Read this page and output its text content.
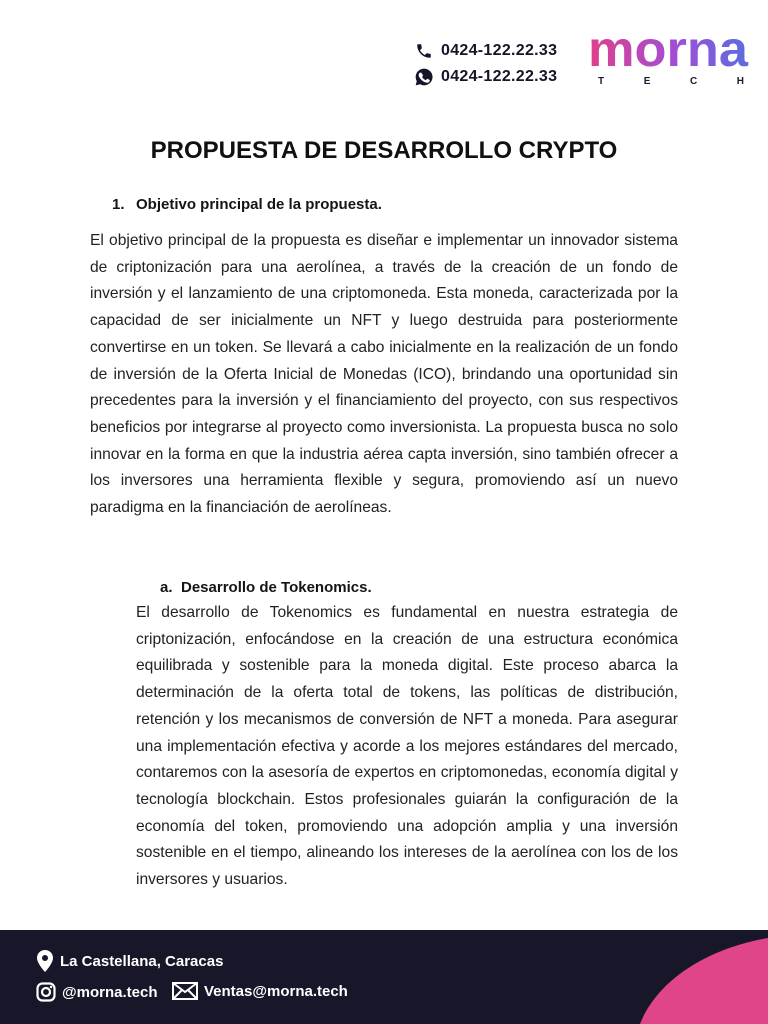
0424-122.22.33
0424-122.22.33 morna
T	E	C	H
PROPUESTA DE DESARROLLO CRYPTO
1. Objetivo principal de la propuesta.

El objetivo principal de la propuesta es diseñar e implementar un innovador sistema de criptonización para una aerolínea, a través de la creación de un fondo de inversión y el lanzamiento de una criptomoneda. Esta moneda, caracterizada por la capacidad de ser inicialmente un NFT y luego destruida para posteriormente convertirse en un token. Se llevará a cabo inicialmente en la realización de un fondo de inversión de la Oferta Inicial de Monedas (ICO), brindando una oportunidad sin precedentes para la inversión y el financiamiento del proyecto, con sus respectivos beneficios por integrarse al proyecto como inversionista. La propuesta busca no solo innovar en la forma en que la industria aérea capta inversión, sino también ofrecer a los inversores una herramienta flexible y segura, promoviendo así un nuevo paradigma en la financiación de aerolíneas.

a. Desarrollo de Tokenomics.

El desarrollo de Tokenomics es fundamental en nuestra estrategia de criptonización, enfocándose en la creación de una estructura económica equilibrada y sostenible para la moneda digital. Este proceso abarca la determinación de la oferta total de tokens, las políticas de distribución, retención y los mecanismos de conversión de NFT a moneda. Para asegurar una implementación efectiva y acorde a los mejores estándares del mercado, contaremos con la asesoría de expertos en criptomonedas, economía digital y tecnología blockchain. Estos profesionales guiarán la configuración de la economía del token, promoviendo una adopción amplia y una inversión sostenible en el tiempo, alineando los intereses de la aerolínea con los de los inversores y usuarios.

La Castellana, Caracas
@morna.tech	Ventas@morna.tech
